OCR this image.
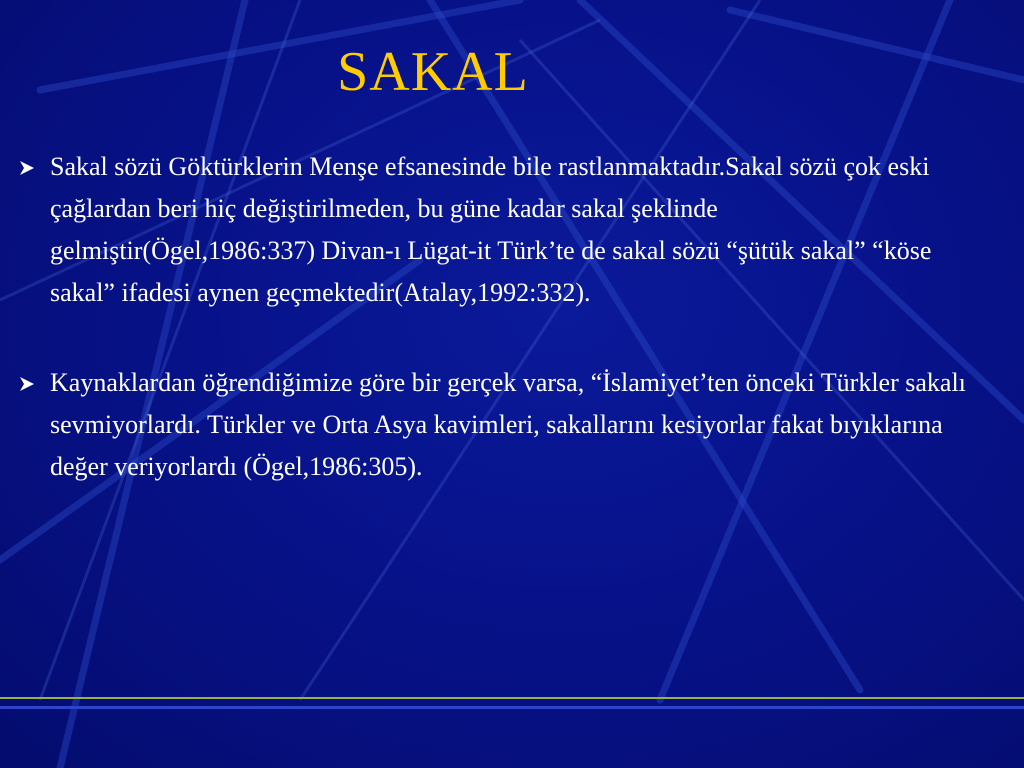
SAKAL
Sakal sözü Göktürklerin Menşe efsanesinde bile rastlanmaktadır.Sakal sözü çok eski çağlardan beri hiç değiştirilmeden, bu güne kadar sakal şeklinde gelmiştir(Ögel,1986:337) Divan-ı Lügat-it Türk’te de sakal sözü “şütük sakal” “köse sakal” ifadesi aynen geçmektedir(Atalay,1992:332).
Kaynaklardan öğrendiğimize göre bir gerçek varsa, “İslamiyet’ten önceki Türkler sakalı sevmiyorlardı. Türkler ve Orta Asya kavimleri, sakallarını kesiyorlar fakat bıyıklarına değer veriyorlardı (Ögel,1986:305).
